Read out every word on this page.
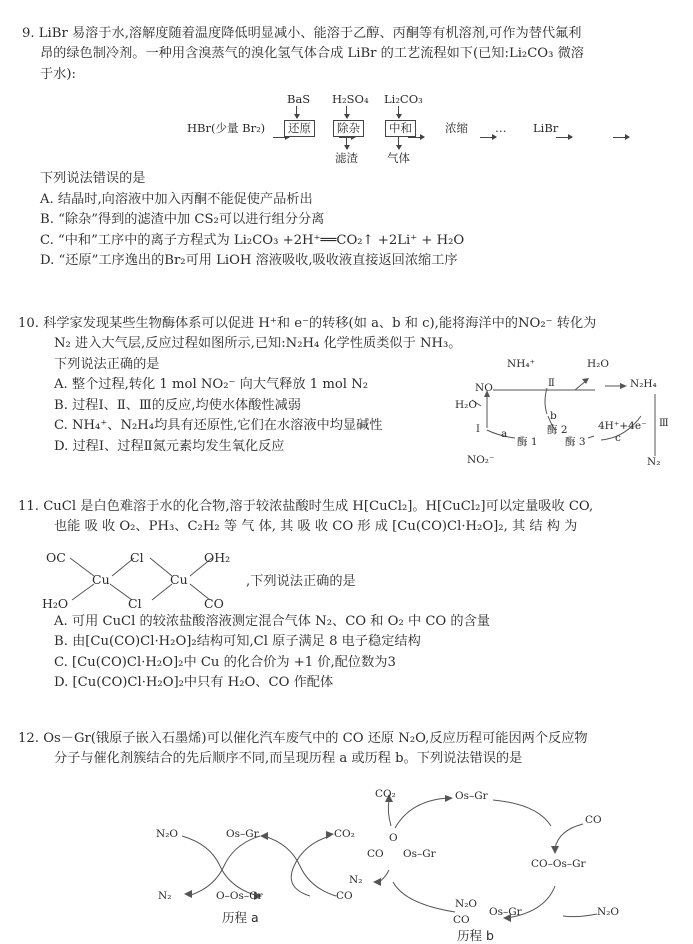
9. LiBr 易溶于水,溶解度随着温度降低明显减小、能溶于乙醇、丙酮等有机溶剂,可作为替代氟利
昂的绿色制冷剂。一种用含溴蒸气的溴化氢气体合成 LiBr 的工艺流程如下(已知:Li₂CO₃ 微溶
于水):
BaS H₂SO₄ Li₂CO₃
HBr(少量 Br₂)
	还原
	除杂
	中和
	浓缩
… LiBr
滤渣	气体
下列说法错误的是
A. 结晶时,向溶液中加入丙酮不能促使产品析出
B. “除杂”得到的滤渣中加 CS₂可以进行组分分离
C. “中和”工序中的离子方程式为 Li₂CO₃ +2H⁺══CO₂↑ +2Li⁺ + H₂O
D. “还原”工序逸出的Br₂可用 LiOH 溶液吸收,吸收液直接返回浓缩工序
10. 科学家发现某些生物酶体系可以促进 H⁺和 e⁻的转移(如 a、b 和 c),能将海洋中的NO₂⁻ 转化为
N₂ 进入大气层,反应过程如图所示,已知:N₂H₄ 化学性质类似于 NH₃。
下列说法正确的是
A. 整个过程,转化 1 mol NO₂⁻ 向大气释放 1 mol N₂
B. 过程Ⅰ、Ⅱ、Ⅲ的反应,均使水体酸性减弱
C. NH₄⁺、N₂H₄均具有还原性,它们在水溶液中均显碱性
D. 过程Ⅰ、过程Ⅱ氮元素均发生氧化反应
NH₄⁺	H₂O
NO
H₂O
Ⅱ
b
Ⅰ a
酶 1
酶 2
酶 3
4H⁺+4e⁻
c
N₂H₄
Ⅲ
N₂
NO₂⁻
11. CuCl 是白色难溶于水的化合物,溶于较浓盐酸时生成 H[CuCl₂]。H[CuCl₂]可以定量吸收 CO,
也能 吸 收 O₂、PH₃、C₂H₂ 等 气 体, 其 吸 收 CO 形 成 [Cu(CO)Cl·H₂O]₂, 其 结 构 为
OC	Cl	OH₂
Cu	Cu
H₂O	Cl	CO
,下列说法正确的是
A. 可用 CuCl 的较浓盐酸溶液测定混合气体 N₂、CO 和 O₂ 中 CO 的含量
B. 由[Cu(CO)Cl·H₂O]₂结构可知,Cl 原子满足 8 电子稳定结构
C. [Cu(CO)Cl·H₂O]₂中 Cu 的化合价为 +1 价,配位数为3
D. [Cu(CO)Cl·H₂O]₂中只有 H₂O、CO 作配体
12. Os－Gr(锇原子嵌入石墨烯)可以催化汽车废气中的 CO 还原 N₂O,反应历程可能因两个反应物
分子与催化剂簇结合的先后顺序不同,而呈现历程 a 或历程 b。下列说法错误的是
N₂O
N₂
Os–Gr
O–Os–Gr
CO₂
CO
历程 a
CO₂	Os–Gr
CO
CO–Os–Gr
N₂O
N₂O
CO
Os–Gr
O
CO Os–Gr
N₂
历程 b
